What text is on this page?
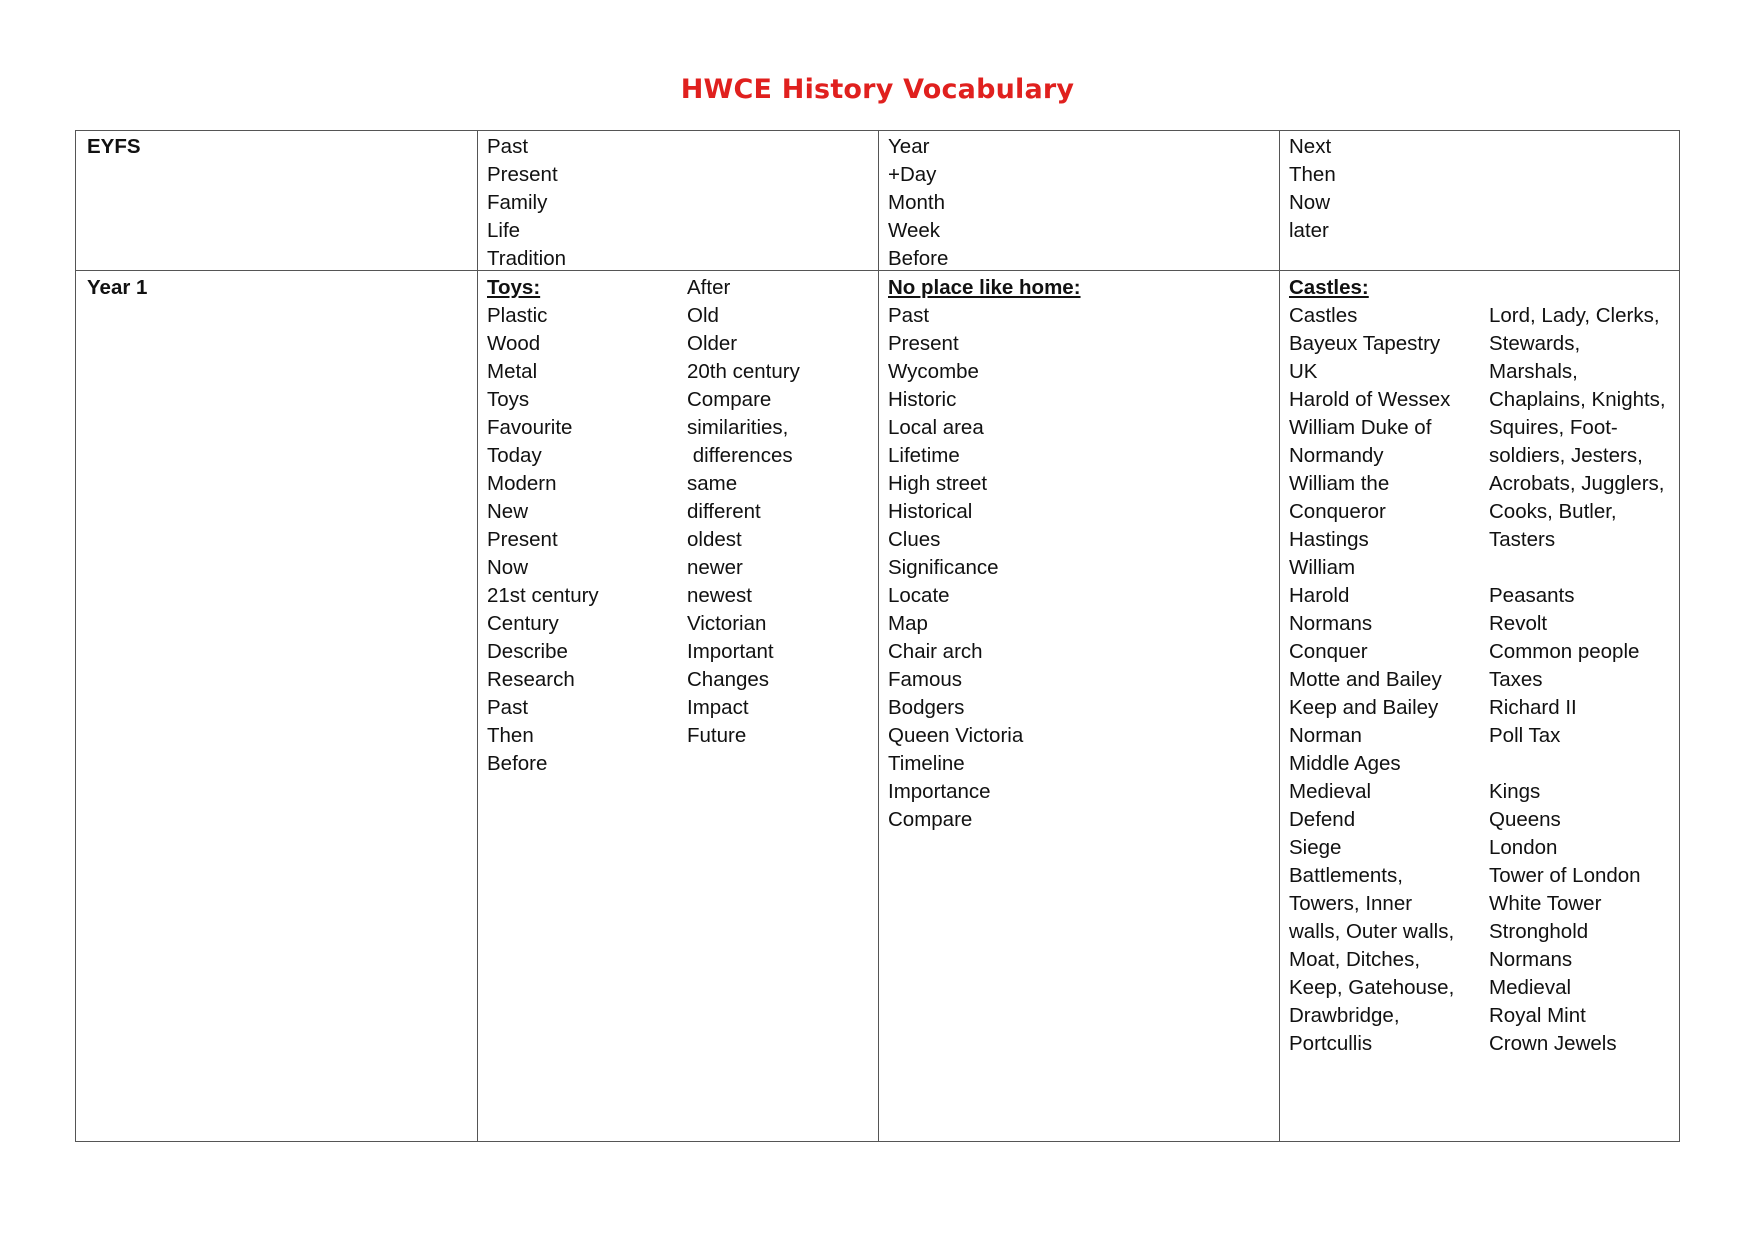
HWCE History Vocabulary
EYFS	Past
Present
Family
Life
Tradition
Year
+Day
Month
Week
Before
Next
Then
Now
later
Year 1	Toys:
Plastic
Wood
Metal
Toys
Favourite
Today
Modern
New
Present
Now
21st century
Century
Describe
Research
Past
Then
Before
After
Old
Older
20th century
Compare
similarities,
differences
same
different
oldest
newer
newest
Victorian
Important
Changes
Impact
Future
No place like home:
Past
Present
Wycombe
Historic
Local area
Lifetime
High street
Historical
Clues
Significance
Locate
Map
Chair arch
Famous
Bodgers
Queen Victoria
Timeline
Importance
Compare
Castles:
Castles
Bayeux Tapestry
UK
Harold of Wessex
William Duke of
Normandy
William the
Conqueror
Hastings
William
Harold
Normans
Conquer
Motte and Bailey
Keep and Bailey
Norman
Middle Ages
Medieval
Defend
Siege
Battlements,
Towers, Inner
walls, Outer walls,
Moat, Ditches,
Keep, Gatehouse,
Drawbridge,
Portcullis
Lord, Lady, Clerks,
Stewards,
Marshals,
Chaplains, Knights,
Squires, Foot-
soldiers, Jesters,
Acrobats, Jugglers,
Cooks, Butler,
Tasters
Peasants
Revolt
Common people
Taxes
Richard II
Poll Tax
Kings
Queens
London
Tower of London
White Tower
Stronghold
Normans
Medieval
Royal Mint
Crown Jewels
